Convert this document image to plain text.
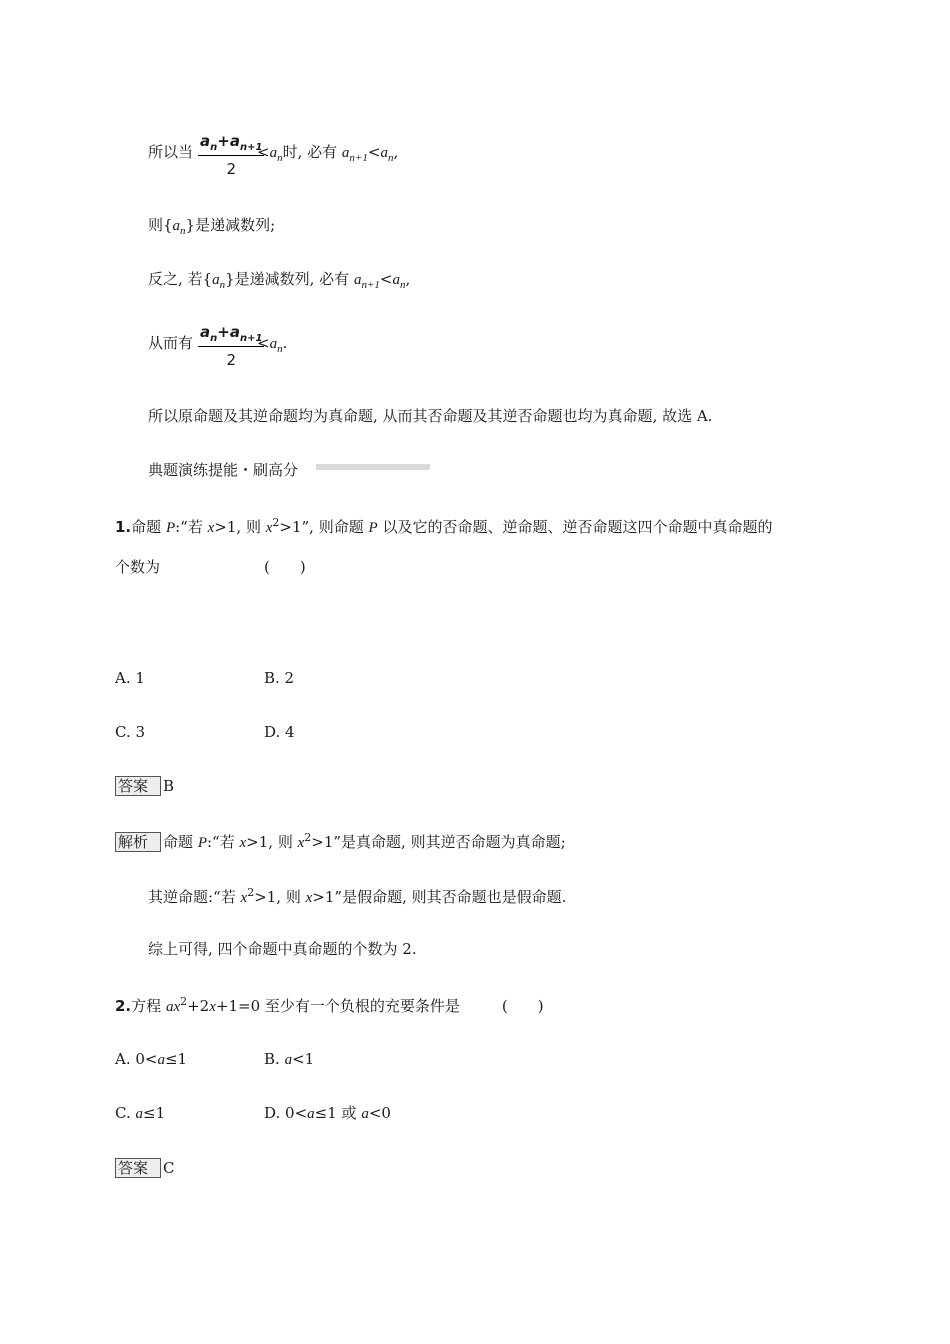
所以当	$<a_n$时, 必有 $a_{n+1}<a_n$,
$\frac{a_n+a_{n+1}}{2}$
则$\{a_n\}$是递减数列;
反之, 若$\{a_n\}$是递减数列, 必有 $a_{n+1}<a_n$,
从而有	$<a_n$.
$\frac{a_n+a_{n+1}}{2}$
所以原命题及其逆命题均为真命题, 从而其否命题及其逆否命题也均为真命题, 故选 A.
典题演练提能・刷高分
1.命题 P:“若 x>1, 则 $x^2>1$”, 则命题 P 以及它的否命题、逆命题、逆否命题这四个命题中真命题的
个数为	(　　)
A. 1	B. 2
C. 3	D. 4
答案 B
解析 命题 P:“若 x>1, 则 $x^2>1$”是真命题, 则其逆否命题为真命题;
其逆命题:“若 $x^2>1$, 则 x>1”是假命题, 则其否命题也是假命题.
综上可得, 四个命题中真命题的个数为 2.
2.方程 $ax^2+2x+1=0$ 至少有一个负根的充要条件是	(　　)
A. 0<a≤1	B. a<1
C. a≤1	D. 0<a≤1 或 a<0
答案 C
